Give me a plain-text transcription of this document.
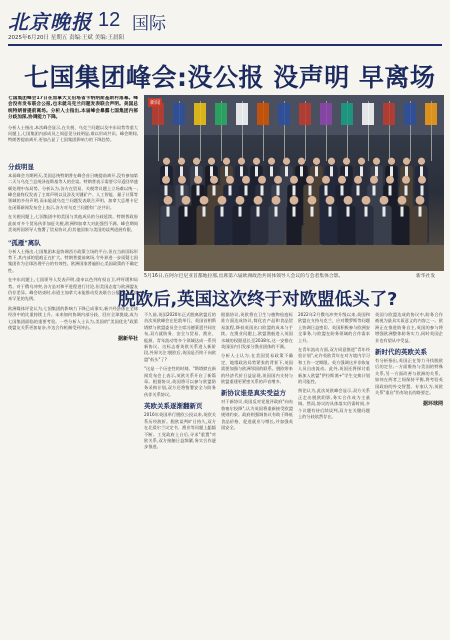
北京晚报 12 国际
2025年6月20日 星期五 责编:王斌 美编:王晨阳
七国集团峰会:没公报 没声明 早离场

七国集团峰会17日在加拿大艾伯塔省卡纳纳斯基斯村落幕。峰会没有发布联合公报,也未就乌克兰问题发表联合声明。美国总统特朗普提前离场。分析人士指出,本届峰会暴露七国集团内部分歧加深,协调能力下降。

分析人士指出,本次峰会显示,在关税、乌克兰问题以及中东局势等重大问题上,七国集团内部成员之间意见分歧明显,难以形成共识。峰会期间,特朗普提前离开,更加凸显了七国集团影响力的下降趋势。

分歧明显

本届峰会为期两天,美国总统特朗普在峰会首日晚提前离开,没有参加第二天与乌克兰总统泽连斯基等人的会谈。特朗普表示需要尽早返回华盛顿处理中东局势。分析认为,各方在贸易、关税等议题上立场难以统一,峰会最终仅发表了主席声明以及涉及关键矿产、人工智能、量子计算等领域的多份声明,而未能就乌克兰问题发表联合声明。加拿大总理卡尼在闭幕新闻发布会上表示,各方对乌克兰问题有广泛共识。

在关税问题上,七国集团中的美国与其他成员的分歧延续。特朗普政府此前对多个贸易伙伴加征关税,欧洲和加拿大对此强烈不满。峰会期间美英两国领导人签署了贸易协议,但其他国家与美国的谈判进展有限。

"孤雁"离队

分析人士指出,七国集团本是协调西方政策立场的平台,但在当前国际形势下,其内部的裂痕正在扩大。特朗普提前离场,令外界进一步质疑七国集团作为全球治理平台的有效性。欧洲国家普遍担心美国政策的不确定性。

在中东问题上,七国领导人发表声明,重申以色列有权自卫,呼吁缓和局势。对于俄乌冲突,各方虽对和平进程进行讨论,但美国态度与欧洲盟友仍存差异。峰会结束时,东道主加拿大未能推动发表联合公报,创下近年来罕见的先例。

欧洲媒体评论认为,七国集团的影响力下降已成事实,新兴经济体在全球经济中的比重持续上升。未来如何协调内部分歧、回应全球挑战,成为七国集团面临的重要考验。一些分析人士认为,美国的"美国优先"政策使盟友关系更加复杂,多边合作机制受到冲击。

据新华社
新闻
5月16日,在阿尔巴尼亚首都地拉那,出席第六届欧洲政治共同体领导人会议的与会者集体合影。	新华社发
脱欧后,英国这次终于对欧盟低头了?

不久前,英国2020年正式脱离欧盟后的首次英欧峰会在伦敦举行。英国首相斯塔默与欧盟委员会主席冯德莱恩共同宣布,双方就防务、安全与贸易、渔业、能源、青年流动等多个领域达成一系列新协议。这标志着英欧关系进入新阶段,外界关注:脱欧后,英国是否终于向欧盟"低头"了?

"这是一个历史性的时刻。"斯塔默在新闻发布会上表示,英欧关系开启了新篇章。根据协议,英国将可以参与欧盟防务采购计划,双方还将签署安全与防务伙伴关系协议。

英欧关系逐渐翻新页

2016年英国举行脱欧公投以来,英欧关系历经波折。脱欧谈判旷日持久,双方在北爱尔兰议定书、渔业等问题上龃龉不断。工党政府上台后,寻求"重置"对欧关系,双方接触日益频繁,务实合作逐步推进。

根据协议,英欧将在卫生与植物检疫标准方面达成协议,简化农产品和食品贸易流程,降低英国出口欧盟的成本与手续。在渔业问题上,欧盟渔船进入英国水域的权限延长至2038年,这一安排在英国国内引发部分渔业团体的不满。

分析人士认为,在美国贸易政策不确定、地缘政治局势紧张的背景下,英国需要加强与欧洲邻国的联系。脱欧带来的经济代价日益显现,英国国内支持与欧盟重建更紧密关系的声音增多。

新协议谁是真实受益方

对于新协议,英国反对党批评政府"向布鲁塞尔投降",认为英国将重新接受欧盟规则约束。政府则强调协议有助于降低食品价格、促进就业与增长,并加强英国安全。

2022年2月俄乌冲突升级以来,英国和欧盟在支持乌克兰、应对俄罗斯等问题上协调日益密切。英国积极参与欧洲安全事务,与欧盟在防务领域的合作需求上升。

在青年流动方面,双方同意推进"青年经验计划",允许英欧青年在对方境内学习和工作一定期限。英方强调这并非恢复人员自由流动。此外,英国还将探讨重新加入欧盟"伊拉斯谟+"学生交换计划的可能性。

舆论认为,此次英欧峰会显示,双方关系正走出脱欧阴影,务实合作成为主基调。然而,协议的具体落实仍需时间,多个议题有待后续谈判,双方在关键问题上的分歧依然存在。

英国与欧盟达成的协议中,防务合作被视为最具实质意义的内容之一。欧洲正在推进防务自主,英国的参与将增强欧洲整体防务实力,同时英国企业也有望从中受益。

新时代的英欧关系

有分析指出,英国正在努力寻找脱欧后的定位,一方面维持与美国的特殊关系,另一方面改善与欧洲的关系。如何在两者之间保持平衡,将考验英国政府的外交智慧。专家认为,英欧关系"重启"仍有较长的路要走。

据环球网
